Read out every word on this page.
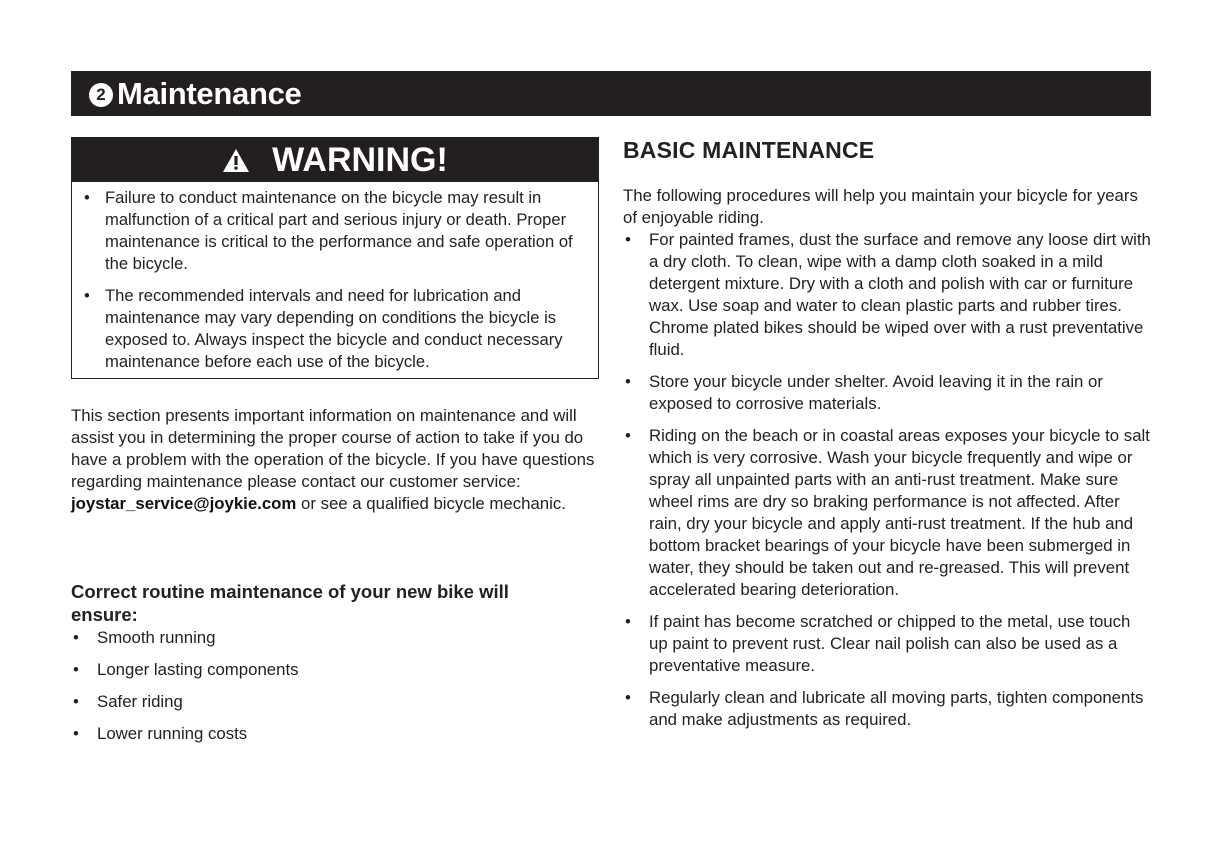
2 Maintenance
WARNING!
• Failure to conduct maintenance on the bicycle may result in malfunction of a critical part and serious injury or death. Proper maintenance is critical to the performance and safe operation of the bicycle.
• The recommended intervals and need for lubrication and maintenance may vary depending on conditions the bicycle is exposed to. Always inspect the bicycle and conduct necessary maintenance before each use of the bicycle.

This section presents important information on maintenance and will assist you in determining the proper course of action to take if you do have a problem with the operation of the bicycle. If you have questions regarding maintenance please contact our customer service: joystar_service@joykie.com or see a qualified bicycle mechanic.

Correct routine maintenance of your new bike will ensure:
• Smooth running
• Longer lasting components
• Safer riding
• Lower running costs
BASIC MAINTENANCE

The following procedures will help you maintain your bicycle for years of enjoyable riding.

• For painted frames, dust the surface and remove any loose dirt with a dry cloth. To clean, wipe with a damp cloth soaked in a mild detergent mixture. Dry with a cloth and polish with car or furniture wax. Use soap and water to clean plastic parts and rubber tires. Chrome plated bikes should be wiped over with a rust preventative fluid.
• Store your bicycle under shelter. Avoid leaving it in the rain or exposed to corrosive materials.
• Riding on the beach or in coastal areas exposes your bicycle to salt which is very corrosive. Wash your bicycle frequently and wipe or spray all unpainted parts with an anti-rust treatment. Make sure wheel rims are dry so braking performance is not affected. After rain, dry your bicycle and apply anti-rust treatment. If the hub and bottom bracket bearings of your bicycle have been submerged in water, they should be taken out and re-greased. This will prevent accelerated bearing deterioration.
• If paint has become scratched or chipped to the metal, use touch up paint to prevent rust. Clear nail polish can also be used as a preventative measure.
• Regularly clean and lubricate all moving parts, tighten components and make adjustments as required.
